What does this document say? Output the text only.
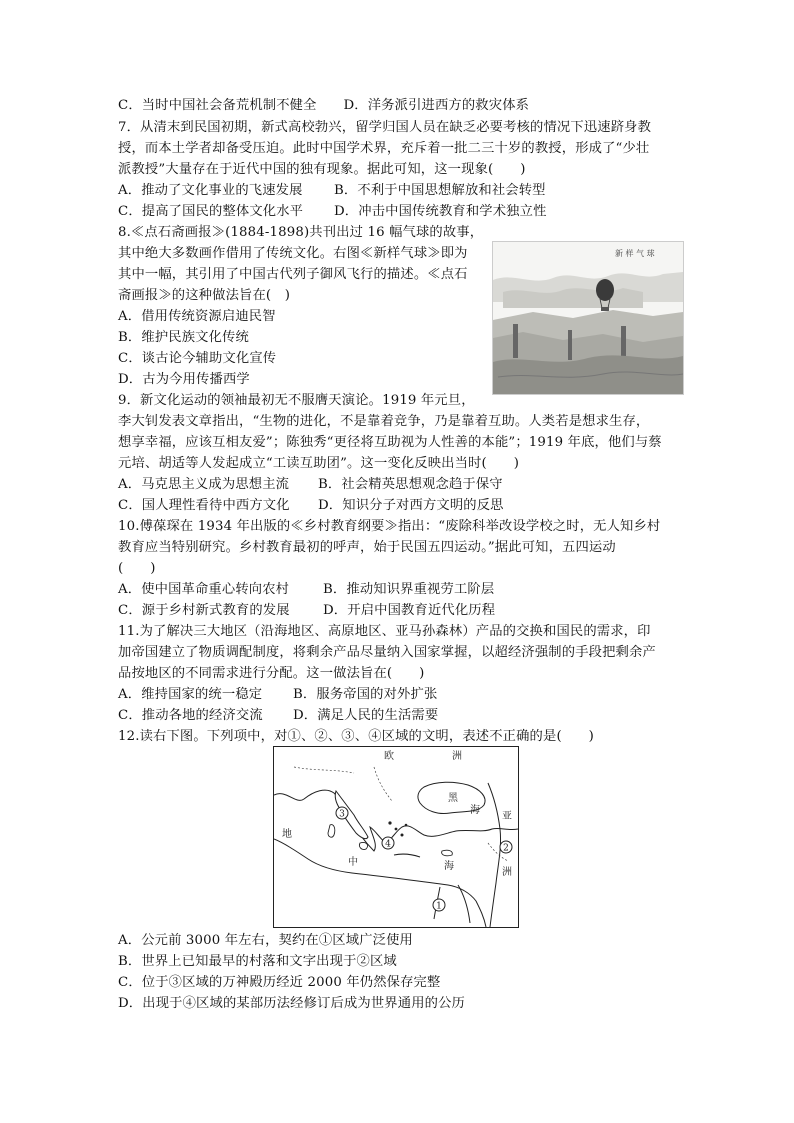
C．当时中国社会备荒机制不健全　　D．洋务派引进西方的救灾体系
7．从清末到民国初期，新式高校勃兴，留学归国人员在缺乏必要考核的情况下迅速跻身教
授，而本土学者却备受压迫。此时中国学术界，充斥着一批二三十岁的教授，形成了“少壮
派教授”大量存在于近代中国的独有现象。据此可知，这一现象(　　)
A．推动了文化事业的飞速发展 B．不利于中国思想解放和社会转型
C．提高了国民的整体文化水平 D．冲击中国传统教育和学术独立性
8.≪点石斋画报≫(1884-1898)共刊出过 16 幅气球的故事，
其中绝大多数画作借用了传统文化。右图≪新样气球≫即为
其中一幅，其引用了中国古代列子御风飞行的描述。≪点石
斋画报≫的这种做法旨在(　)
A．借用传统资源启迪民智
B．维护民族文化传统
C．谈古论今辅助文化宣传
D．古为今用传播西学
新 样 气 球
9．新文化运动的领袖最初无不服膺天演论。1919 年元旦，
李大钊发表文章指出，“生物的进化，不是靠着竞争，乃是靠着互助。人类若是想求生存，
想享幸福，应该互相友爱”；陈独秀“更径将互助视为人性善的本能”；1919 年底，他们与蔡
元培、胡适等人发起成立“工读互助团”。这一变化反映出当时(　　)
A．马克思主义成为思想主流 B．社会精英思想观念趋于保守
C．国人理性看待中西方文化 D．知识分子对西方文明的反思
10.傅葆琛在 1934 年出版的≪乡村教育纲要≫指出：“废除科举改设学校之时，无人知乡村
教育应当特别研究。乡村教育最初的呼声，始于民国五四运动。”据此可知，五四运动
(　　)
A．使中国革命重心转向农村	B．推动知识界重视劳工阶层
C．源于乡村新式教育的发展	D．开启中国教育近代化历程
11.为了解决三大地区（沿海地区、高原地区、亚马孙森林）产品的交换和国民的需求，印
加帝国建立了物质调配制度，将剩余产品尽量纳入国家掌握，以超经济强制的手段把剩余产
品按地区的不同需求进行分配。这一做法旨在(　　)
A．维持国家的统一稳定 B．服务帝国的对外扩张
C．推动各地的经济交流 D．满足人民的生活需要
12.读右下图。下列项中，对①、②、③、④区域的文明，表述不正确的是(　　)
欧	洲
黑
海
亚
洲
地
中	海
1
2
3
4
A．公元前 3000 年左右，契约在①区域广泛使用
B．世界上已知最早的村落和文字出现于②区域
C．位于③区域的万神殿历经近 2000 年仍然保存完整
D．出现于④区域的某部历法经修订后成为世界通用的公历
